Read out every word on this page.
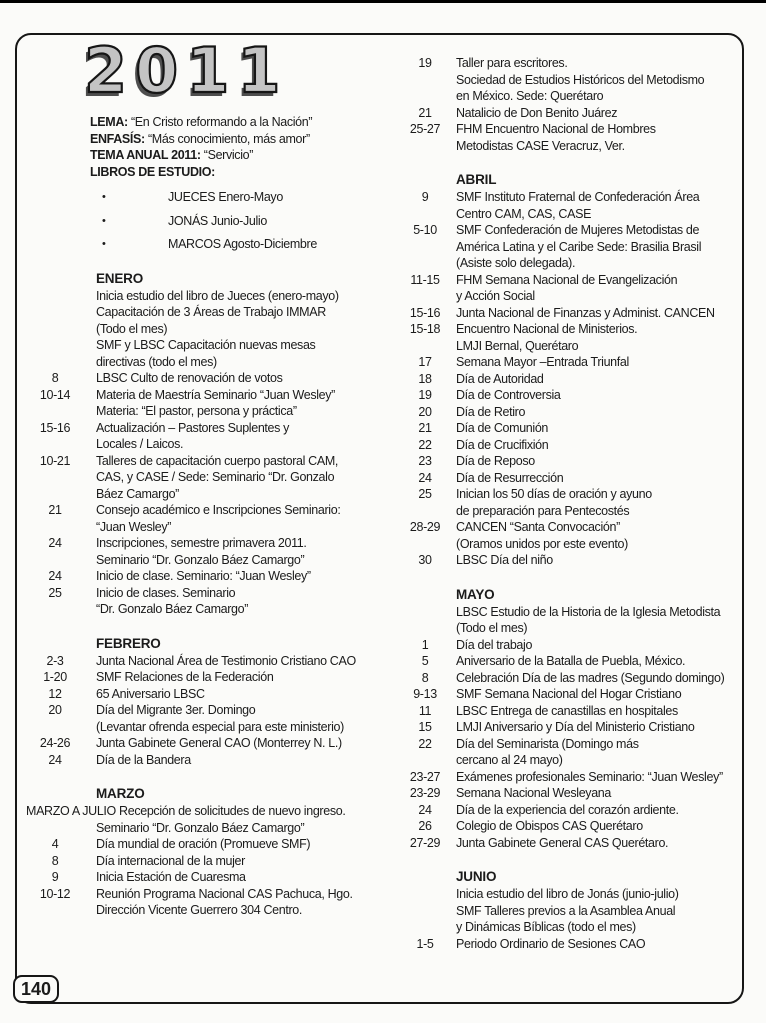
2011
LEMA: “En Cristo reformando a la Nación”
ENFASÍS: “Más conocimiento, más amor”
TEMA ANUAL 2011: “Servicio”
LIBROS DE ESTUDIO:
•	JUECES Enero-Mayo
•	JONÁS Junio-Julio
•	MARCOS Agosto-Diciembre
ENERO
Inicia estudio del libro de Jueces (enero-mayo)
Capacitación de 3 Áreas de Trabajo IMMAR
(Todo el mes)
SMF y LBSC Capacitación nuevas mesas
directivas (todo el mes)
8	LBSC Culto de renovación de votos
10-14	Materia de Maestría Seminario “Juan Wesley”
Materia: “El pastor, persona y práctica”
15-16	Actualización – Pastores Suplentes y
Locales / Laicos.
10-21	Talleres de capacitación cuerpo pastoral CAM,
CAS, y CASE / Sede: Seminario “Dr. Gonzalo
Báez Camargo”
21	Consejo académico e Inscripciones Seminario:
“Juan Wesley”
24	Inscripciones, semestre primavera 2011.
Seminario “Dr. Gonzalo Báez Camargo”
24	Inicio de clase. Seminario: “Juan Wesley”
25	Inicio de clases. Seminario
“Dr. Gonzalo Báez Camargo”
FEBRERO
2-3	Junta Nacional Área de Testimonio Cristiano CAO
1-20	SMF Relaciones de la Federación
12	65 Aniversario LBSC
20	Día del Migrante 3er. Domingo
(Levantar ofrenda especial para este ministerio)
24-26	Junta Gabinete General CAO (Monterrey N. L.)
24	Día de la Bandera
MARZO
MARZO A JULIO Recepción de solicitudes de nuevo ingreso.
Seminario “Dr. Gonzalo Báez Camargo”
4	Día mundial de oración (Promueve SMF)
8	Día internacional de la mujer
9	Inicia Estación de Cuaresma
10-12	Reunión Programa Nacional CAS Pachuca, Hgo.
Dirección Vicente Guerrero 304 Centro.
19	Taller para escritores.
Sociedad de Estudios Históricos del Metodismo
en México. Sede: Querétaro
21	Natalicio de Don Benito Juárez
25-27	FHM Encuentro Nacional de Hombres
Metodistas CASE Veracruz, Ver.
ABRIL
9	SMF Instituto Fraternal de Confederación Área
Centro CAM, CAS, CASE
5-10	SMF Confederación de Mujeres Metodistas de
América Latina y el Caribe Sede: Brasilia Brasil
(Asiste solo delegada).
11-15	FHM Semana Nacional de Evangelización
y Acción Social
15-16	Junta Nacional de Finanzas y Administ. CANCEN
15-18	Encuentro Nacional de Ministerios.
LMJI Bernal, Querétaro
17	Semana Mayor –Entrada Triunfal
18	Día de Autoridad
19	Día de Controversia
20	Día de Retiro
21	Día de Comunión
22	Día de Crucifixión
23	Día de Reposo
24	Día de Resurrección
25	Inician los 50 días de oración y ayuno
de preparación para Pentecostés
28-29	CANCEN “Santa Convocación”
(Oramos unidos por este evento)
30	LBSC Día del niño
MAYO
LBSC Estudio de la Historia de la Iglesia Metodista
(Todo el mes)
1	Día del trabajo
5	Aniversario de la Batalla de Puebla, México.
8	Celebración Día de las madres (Segundo domingo)
9-13	SMF Semana Nacional del Hogar Cristiano
11	LBSC Entrega de canastillas en hospitales
15	LMJI Aniversario y Día del Ministerio Cristiano
22	Día del Seminarista (Domingo más
cercano al 24 mayo)
23-27	Exámenes profesionales Seminario: “Juan Wesley”
23-29	Semana Nacional Wesleyana
24	Día de la experiencia del corazón ardiente.
26	Colegio de Obispos CAS Querétaro
27-29	Junta Gabinete General CAS Querétaro.
JUNIO
Inicia estudio del libro de Jonás (junio-julio)
SMF Talleres previos a la Asamblea Anual
y Dinámicas Bíblicas (todo el mes)
1-5	Periodo Ordinario de Sesiones CAO
140
